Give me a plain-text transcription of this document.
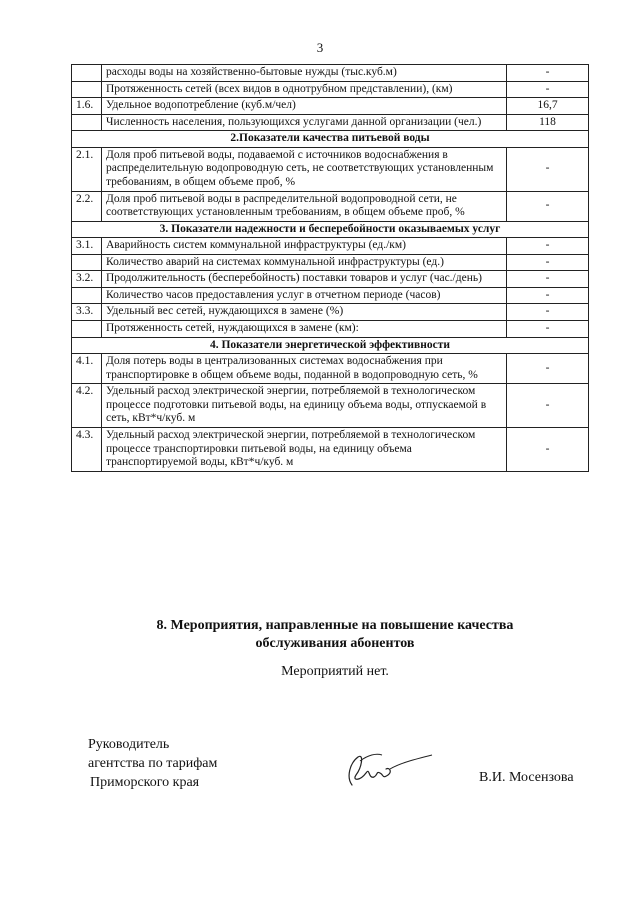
3
	расходы воды на хозяйственно-бытовые нужды (тыс.куб.м)	-
	Протяженность сетей (всех видов в однотрубном представлении), (км)	-
1.6.	Удельное водопотребление (куб.м/чел)	16,7
	Численность населения, пользующихся услугами данной организации (чел.)	118
2.Показатели качества питьевой воды		
2.1.	Доля проб питьевой воды, подаваемой с источников водоснабжения в распределительную водопроводную сеть, не соответствующих установленным требованиям, в общем объеме проб, %	-
2.2.	Доля проб питьевой воды в распределительной водопроводной сети, не соответствующих установленным требованиям, в общем объеме проб, %	-
3. Показатели надежности и бесперебойности оказываемых услуг		
3.1.	Аварийность систем коммунальной инфраструктуры (ед./км)	-
	Количество аварий на системах коммунальной инфраструктуры (ед.)	-
3.2.	Продолжительность (бесперебойность) поставки товаров и услуг (час./день)	-
	Количество часов предоставления услуг в отчетном периоде (часов)	-
3.3.	Удельный вес сетей, нуждающихся в замене (%)	-
	Протяженность сетей, нуждающихся в замене (км):	-
4. Показатели энергетической эффективности		
4.1.	Доля потерь воды в централизованных системах водоснабжения при транспортировке в общем объеме воды, поданной в водопроводную сеть, %	-
4.2.	Удельный расход электрической энергии, потребляемой в технологическом процессе подготовки питьевой воды, на единицу объема воды, отпускаемой в сеть, кВт*ч/куб. м	-
4.3.	Удельный расход электрической энергии, потребляемой в технологическом процессе транспортировки питьевой воды, на единицу объема транспортируемой воды, кВт*ч/куб. м	-
8. Мероприятия, направленные на повышение качества
обслуживания абонентов
Мероприятий нет.
Руководитель
агентства по тарифам
Приморского края	В.И. Мосензова
